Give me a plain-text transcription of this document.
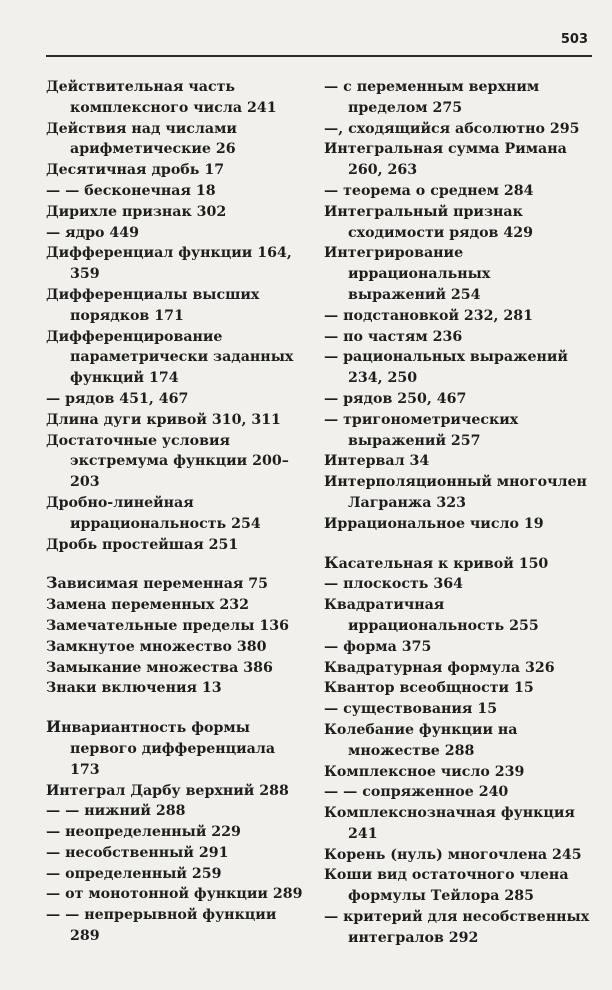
503

Действительная часть комплексного числа 241

Действия над числами арифметические 26

Десятичная дробь 17

— — бесконечная 18

Дирихле признак 302

— ядро 449

Дифференциал функции 164, 359

Дифференциалы высших порядков 171

Дифференцирование параметрически заданных функций 174

— рядов 451, 467

Длина дуги кривой 310, 311

Достаточные условия экстремума функции 200–203

Дробно-линейная иррациональность 254

Дробь простейшая 251

Зависимая переменная 75

Замена переменных 232

Замечательные пределы 136

Замкнутое множество 380

Замыкание множества 386

Знаки включения 13

Инвариантность формы первого дифференциала 173

Интеграл Дарбу верхний 288

— — нижний 288

— неопределенный 229

— несобственный 291

— определенный 259

— от монотонной функции 289

— — непрерывной функции 289

— с переменным верхним пределом 275

—, сходящийся абсолютно 295

Интегральная сумма Римана 260, 263

— теорема о среднем 284

Интегральный признак сходимости рядов 429

Интегрирование иррациональных выражений 254

— подстановкой 232, 281

— по частям 236

— рациональных выражений 234, 250

— рядов 250, 467

— тригонометрических выражений 257

Интервал 34

Интерполяционный многочлен Лагранжа 323

Иррациональное число 19

Касательная к кривой 150

— плоскость 364

Квадратичная иррациональность 255

— форма 375

Квадратурная формула 326

Квантор всеобщности 15

— существования 15

Колебание функции на множестве 288

Комплексное число 239

— — сопряженное 240

Комплекснозначная функция 241

Корень (нуль) многочлена 245

Коши вид остаточного члена формулы Тейлора 285

— критерий для несобственных интегралов 292
